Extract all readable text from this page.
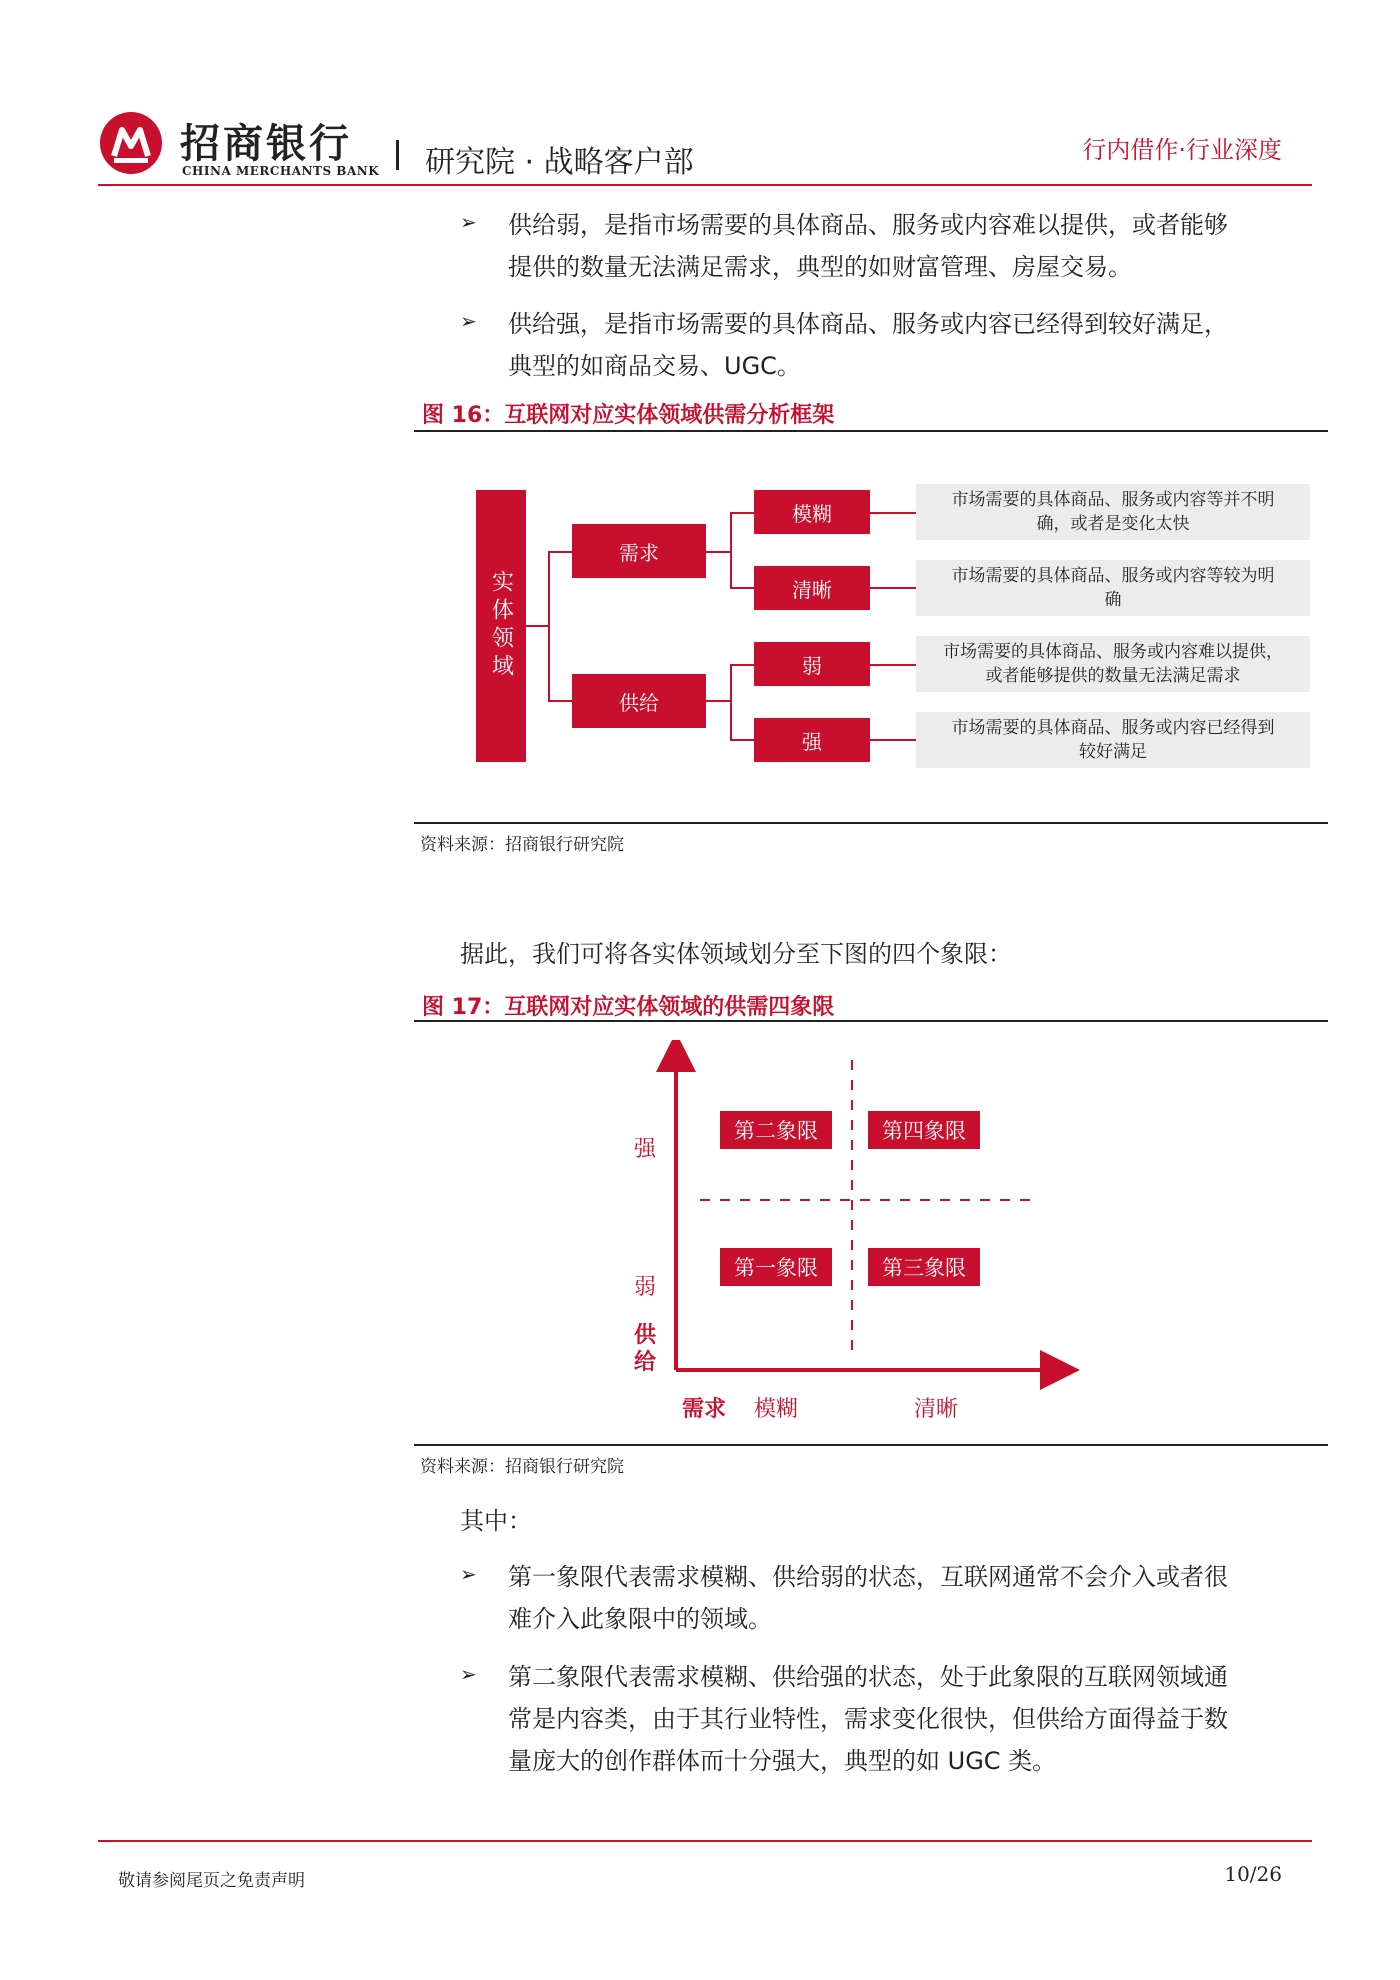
招商银行
CHINA MERCHANTS BANK 研究院 · 战略客户部	行内借作·行业深度
➢ 供给弱，是指市场需要的具体商品、服务或内容难以提供，或者能够
提供的数量无法满足需求，典型的如财富管理、房屋交易。
➢ 供给强，是指市场需要的具体商品、服务或内容已经得到较好满足，
典型的如商品交易、UGC。
图 16：互联网对应实体领域供需分析框架
实体领域
需求
供给
模糊
清晰
弱
强
市场需要的具体商品、服务或内容等并不明
确，或者是变化太快
市场需要的具体商品、服务或内容等较为明
确
市场需要的具体商品、服务或内容难以提供，
或者能够提供的数量无法满足需求
市场需要的具体商品、服务或内容已经得到
较好满足
资料来源：招商银行研究院
据此，我们可将各实体领域划分至下图的四个象限：
图 17：互联网对应实体领域的供需四象限
第二象限	第四象限
第一象限	第三象限
强
弱
供给
需求 模糊	清晰
资料来源：招商银行研究院
其中：
➢ 第一象限代表需求模糊、供给弱的状态，互联网通常不会介入或者很
难介入此象限中的领域。
➢ 第二象限代表需求模糊、供给强的状态，处于此象限的互联网领域通
常是内容类，由于其行业特性，需求变化很快，但供给方面得益于数
量庞大的创作群体而十分强大，典型的如 UGC 类。
敬请参阅尾页之免责声明	10/26
